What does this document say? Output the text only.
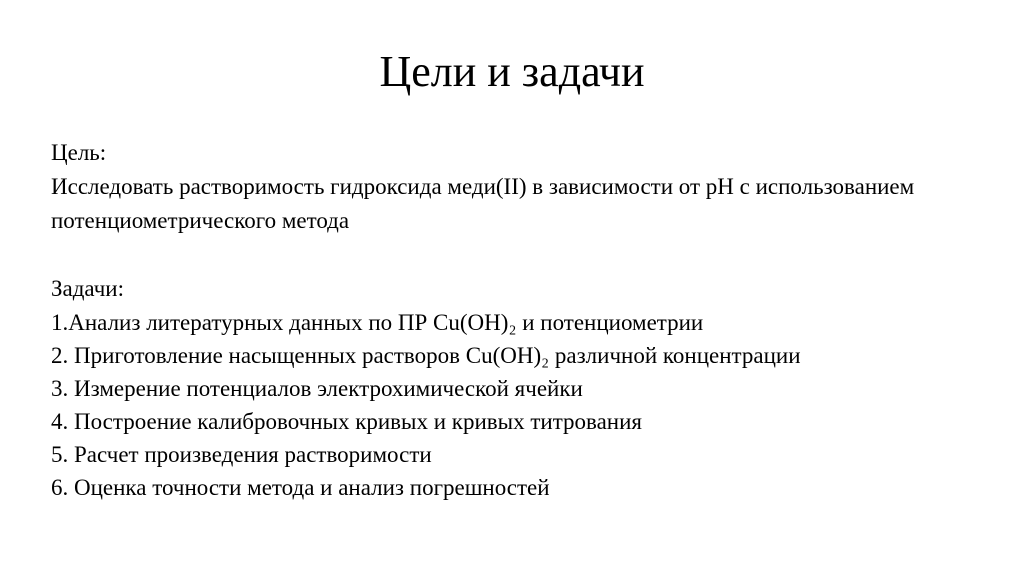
Цели и задачи
Цель:
Исследовать растворимость гидроксида меди(II) в зависимости от pH с использованием
потенциометрического метода
Задачи:
1.Анализ литературных данных по ПР Cu(OH)₂ и потенциометрии
2. Приготовление насыщенных растворов Cu(OH)₂ различной концентрации
3. Измерение потенциалов электрохимической ячейки
4. Построение калибровочных кривых и кривых титрования
5. Расчет произведения растворимости
6. Оценка точности метода и анализ погрешностей
